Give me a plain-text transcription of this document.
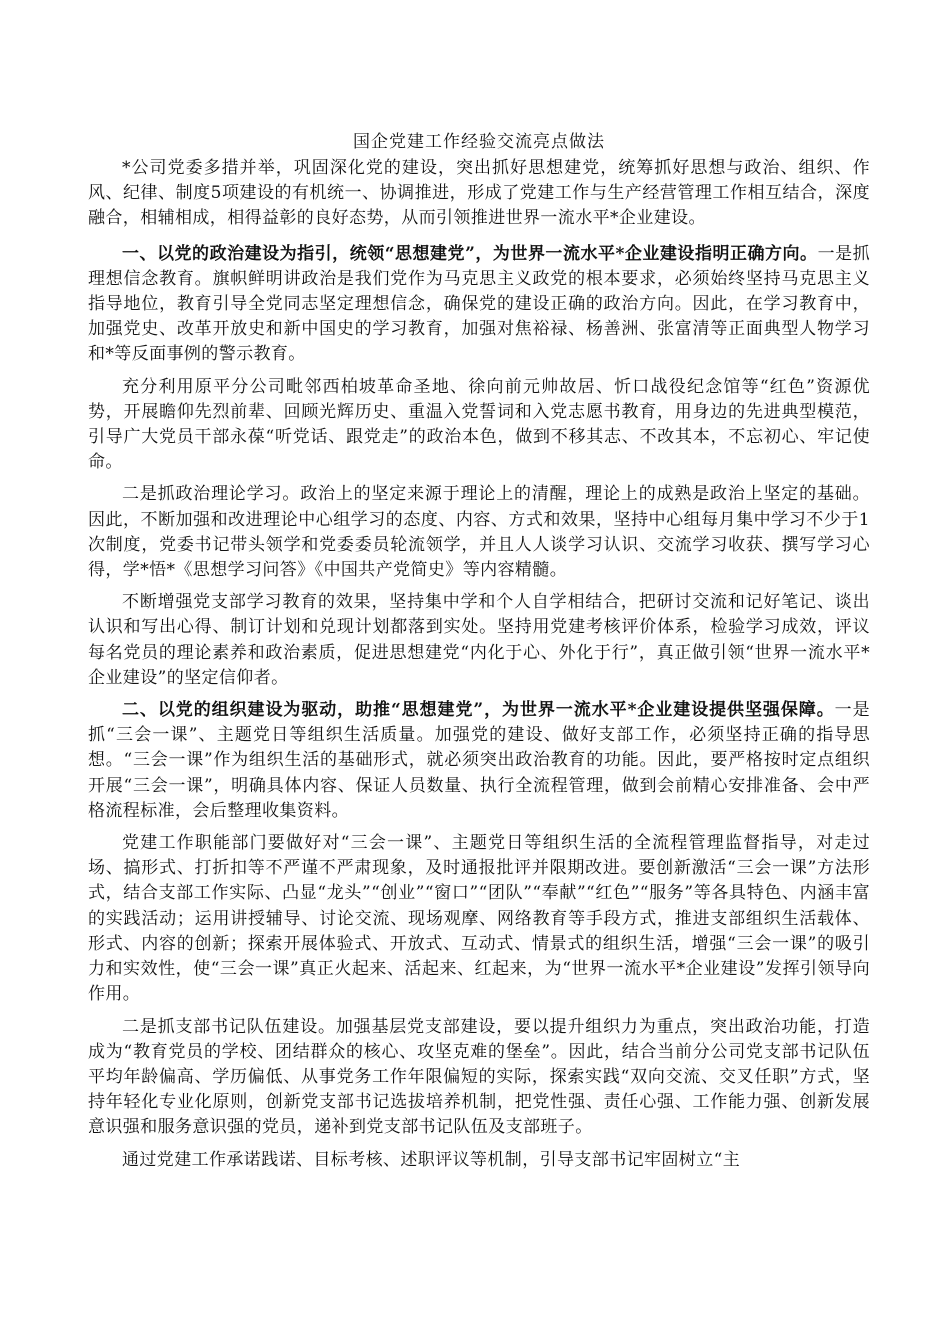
国企党建工作经验交流亮点做法

*公司党委多措并举，巩固深化党的建设，突出抓好思想建党，统筹抓好思想与政治、组织、作风、纪律、制度5项建设的有机统一、协调推进，形成了党建工作与生产经营管理工作相互结合，深度融合，相辅相成，相得益彰的良好态势，从而引领推进世界一流水平*企业建设。

一、以党的政治建设为指引，统领“思想建党”，为世界一流水平*企业建设指明正确方向。一是抓理想信念教育。旗帜鲜明讲政治是我们党作为马克思主义政党的根本要求，必须始终坚持马克思主义指导地位，教育引导全党同志坚定理想信念，确保党的建设正确的政治方向。因此，在学习教育中，加强党史、改革开放史和新中国史的学习教育，加强对焦裕禄、杨善洲、张富清等正面典型人物学习和*等反面事例的警示教育。

充分利用原平分公司毗邻西柏坡革命圣地、徐向前元帅故居、忻口战役纪念馆等“红色”资源优势，开展瞻仰先烈前辈、回顾光辉历史、重温入党誓词和入党志愿书教育，用身边的先进典型模范，引导广大党员干部永葆“听党话、跟党走”的政治本色，做到不移其志、不改其本，不忘初心、牢记使命。

二是抓政治理论学习。政治上的坚定来源于理论上的清醒，理论上的成熟是政治上坚定的基础。因此，不断加强和改进理论中心组学习的态度、内容、方式和效果，坚持中心组每月集中学习不少于1次制度，党委书记带头领学和党委委员轮流领学，并且人人谈学习认识、交流学习收获、撰写学习心得，学*悟*《思想学习问答》《中国共产党简史》等内容精髓。

不断增强党支部学习教育的效果，坚持集中学和个人自学相结合，把研讨交流和记好笔记、谈出认识和写出心得、制订计划和兑现计划都落到实处。坚持用党建考核评价体系，检验学习成效，评议每名党员的理论素养和政治素质，促进思想建党“内化于心、外化于行”，真正做引领“世界一流水平*企业建设”的坚定信仰者。

二、以党的组织建设为驱动，助推“思想建党”，为世界一流水平*企业建设提供坚强保障。一是抓“三会一课”、主题党日等组织生活质量。加强党的建设、做好支部工作，必须坚持正确的指导思想。“三会一课”作为组织生活的基础形式，就必须突出政治教育的功能。因此，要严格按时定点组织开展“三会一课”，明确具体内容、保证人员数量、执行全流程管理，做到会前精心安排准备、会中严格流程标准，会后整理收集资料。

党建工作职能部门要做好对“三会一课”、主题党日等组织生活的全流程管理监督指导，对走过场、搞形式、打折扣等不严谨不严肃现象，及时通报批评并限期改进。要创新激活“三会一课”方法形式，结合支部工作实际、凸显“龙头”“创业”“窗口”“团队”“奉献”“红色”“服务”等各具特色、内涵丰富的实践活动；运用讲授辅导、讨论交流、现场观摩、网络教育等手段方式，推进支部组织生活载体、形式、内容的创新；探索开展体验式、开放式、互动式、情景式的组织生活，增强“三会一课”的吸引力和实效性，使“三会一课”真正火起来、活起来、红起来，为“世界一流水平*企业建设”发挥引领导向作用。

二是抓支部书记队伍建设。加强基层党支部建设，要以提升组织力为重点，突出政治功能，打造成为“教育党员的学校、团结群众的核心、攻坚克难的堡垒”。因此，结合当前分公司党支部书记队伍平均年龄偏高、学历偏低、从事党务工作年限偏短的实际，探索实践“双向交流、交叉任职”方式，坚持年轻化专业化原则，创新党支部书记选拔培养机制，把党性强、责任心强、工作能力强、创新发展意识强和服务意识强的党员，递补到党支部书记队伍及支部班子。

通过党建工作承诺践诺、目标考核、述职评议等机制，引导支部书记牢固树立“主
